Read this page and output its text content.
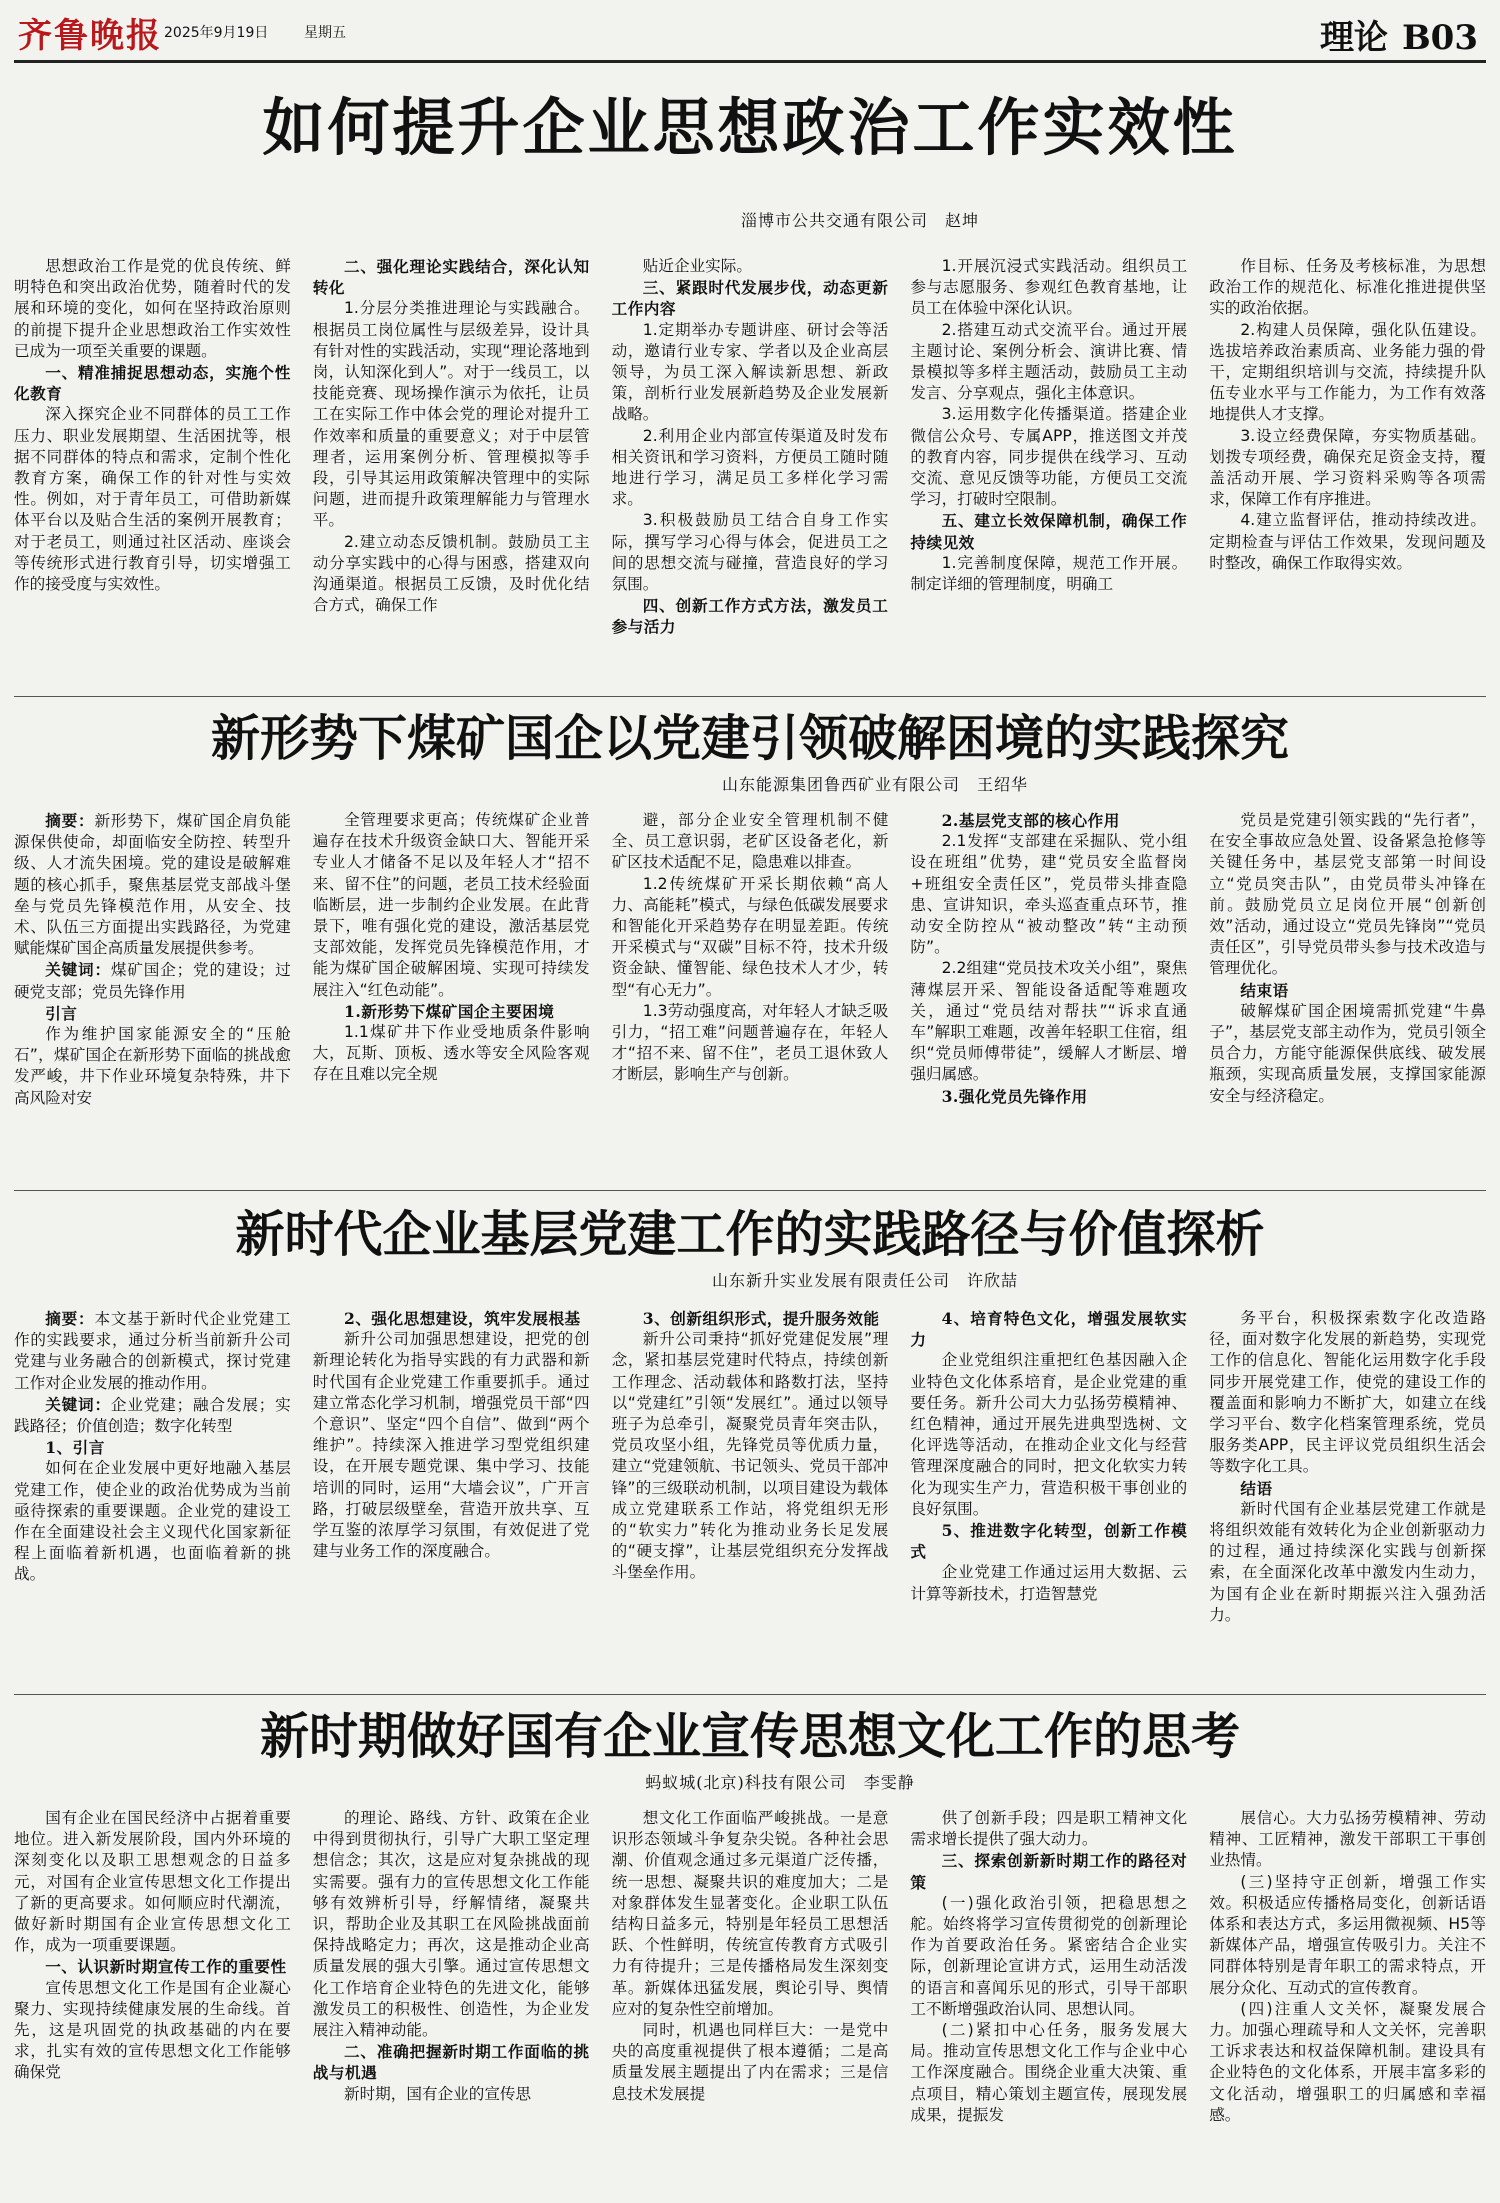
齐鲁晚报 2025年9月19日	星期五	理论 B03
如何提升企业思想政治工作实效性
淄博市公共交通有限公司　赵坤

思想政治工作是党的优良传统、鲜明特色和突出政治优势，随着时代的发展和环境的变化，如何在坚持政治原则的前提下提升企业思想政治工作实效性已成为一项至关重要的课题。

一、精准捕捉思想动态，实施个性化教育

深入探究企业不同群体的员工工作压力、职业发展期望、生活困扰等，根据不同群体的特点和需求，定制个性化教育方案，确保工作的针对性与实效性。例如，对于青年员工，可借助新媒体平台以及贴合生活的案例开展教育；对于老员工，则通过社区活动、座谈会等传统形式进行教育引导，切实增强工作的接受度与实效性。

二、强化理论实践结合，深化认知转化

1.分层分类推进理论与实践融合。根据员工岗位属性与层级差异，设计具有针对性的实践活动，实现“理论落地到岗，认知深化到人”。对于一线员工，以技能竞赛、现场操作演示为依托，让员工在实际工作中体会党的理论对提升工作效率和质量的重要意义；对于中层管理者，运用案例分析、管理模拟等手段，引导其运用政策解决管理中的实际问题，进而提升政策理解能力与管理水平。

2.建立动态反馈机制。鼓励员工主动分享实践中的心得与困惑，搭建双向沟通渠道。根据员工反馈，及时优化结合方式，确保工作

贴近企业实际。

三、紧跟时代发展步伐，动态更新工作内容

1.定期举办专题讲座、研讨会等活动，邀请行业专家、学者以及企业高层领导，为员工深入解读新思想、新政策，剖析行业发展新趋势及企业发展新战略。

2.利用企业内部宣传渠道及时发布相关资讯和学习资料，方便员工随时随地进行学习，满足员工多样化学习需求。

3.积极鼓励员工结合自身工作实际，撰写学习心得与体会，促进员工之间的思想交流与碰撞，营造良好的学习氛围。

四、创新工作方式方法，激发员工参与活力

1.开展沉浸式实践活动。组织员工参与志愿服务、参观红色教育基地，让员工在体验中深化认识。

2.搭建互动式交流平台。通过开展主题讨论、案例分析会、演讲比赛、情景模拟等多样主题活动，鼓励员工主动发言、分享观点，强化主体意识。

3.运用数字化传播渠道。搭建企业微信公众号、专属APP，推送图文并茂的教育内容，同步提供在线学习、互动交流、意见反馈等功能，方便员工交流学习，打破时空限制。

五、建立长效保障机制，确保工作持续见效

1.完善制度保障，规范工作开展。制定详细的管理制度，明确工

作目标、任务及考核标准，为思想政治工作的规范化、标准化推进提供坚实的政治依据。

2.构建人员保障，强化队伍建设。选拔培养政治素质高、业务能力强的骨干，定期组织培训与交流，持续提升队伍专业水平与工作能力，为工作有效落地提供人才支撑。

3.设立经费保障，夯实物质基础。划拨专项经费，确保充足资金支持，覆盖活动开展、学习资料采购等各项需求，保障工作有序推进。

4.建立监督评估，推动持续改进。定期检查与评估工作效果，发现问题及时整改，确保工作取得实效。

新形势下煤矿国企以党建引领破解困境的实践探究
山东能源集团鲁西矿业有限公司　王绍华

摘要：新形势下，煤矿国企肩负能源保供使命，却面临安全防控、转型升级、人才流失困境。党的建设是破解难题的核心抓手，聚焦基层党支部战斗堡垒与党员先锋模范作用，从安全、技术、队伍三方面提出实践路径，为党建赋能煤矿国企高质量发展提供参考。

关键词：煤矿国企；党的建设；过硬党支部；党员先锋作用

引言

作为维护国家能源安全的“压舱石”，煤矿国企在新形势下面临的挑战愈发严峻，井下作业环境复杂特殊，井下高风险对安

全管理要求更高；传统煤矿企业普遍存在技术升级资金缺口大、智能开采专业人才储备不足以及年轻人才“招不来、留不住”的问题，老员工技术经验面临断层，进一步制约企业发展。在此背景下，唯有强化党的建设，激活基层党支部效能，发挥党员先锋模范作用，才能为煤矿国企破解困境、实现可持续发展注入“红色动能”。

1.新形势下煤矿国企主要困境

1.1煤矿井下作业受地质条件影响大，瓦斯、顶板、透水等安全风险客观存在且难以完全规

避，部分企业安全管理机制不健全、员工意识弱，老矿区设备老化，新矿区技术适配不足，隐患难以排查。

1.2传统煤矿开采长期依赖“高人力、高能耗”模式，与绿色低碳发展要求和智能化开采趋势存在明显差距。传统开采模式与“双碳”目标不符，技术升级资金缺、懂智能、绿色技术人才少，转型“有心无力”。

1.3劳动强度高，对年轻人才缺乏吸引力，“招工难”问题普遍存在，年轻人才“招不来、留不住”，老员工退休致人才断层，影响生产与创新。

2.基层党支部的核心作用

2.1发挥“支部建在采掘队、党小组设在班组”优势，建“党员安全监督岗+班组安全责任区”，党员带头排查隐患、宣讲知识，牵头巡查重点环节，推动安全防控从“被动整改”转“主动预防”。

2.2组建“党员技术攻关小组”，聚焦薄煤层开采、智能设备适配等难题攻关，通过“党员结对帮扶”“诉求直通车”解职工难题，改善年轻职工住宿，组织“党员师傅带徒”，缓解人才断层、增强归属感。

3.强化党员先锋作用

党员是党建引领实践的“先行者”，在安全事故应急处置、设备紧急抢修等关键任务中，基层党支部第一时间设立“党员突击队”，由党员带头冲锋在前。鼓励党员立足岗位开展“创新创效”活动，通过设立“党员先锋岗”“党员责任区”，引导党员带头参与技术改造与管理优化。

结束语

破解煤矿国企困境需抓党建“牛鼻子”，基层党支部主动作为，党员引领全员合力，方能守能源保供底线、破发展瓶颈，实现高质量发展，支撑国家能源安全与经济稳定。

新时代企业基层党建工作的实践路径与价值探析
山东新升实业发展有限责任公司　许欣喆

摘要：本文基于新时代企业党建工作的实践要求，通过分析当前新升公司党建与业务融合的创新模式，探讨党建工作对企业发展的推动作用。

关键词：企业党建；融合发展；实践路径；价值创造；数字化转型

1、引言

如何在企业发展中更好地融入基层党建工作，使企业的政治优势成为当前亟待探索的重要课题。企业党的建设工作在全面建设社会主义现代化国家新征程上面临着新机遇，也面临着新的挑战。

2、强化思想建设，筑牢发展根基

新升公司加强思想建设，把党的创新理论转化为指导实践的有力武器和新时代国有企业党建工作重要抓手。通过建立常态化学习机制，增强党员干部“四个意识”、坚定“四个自信”、做到“两个维护”。持续深入推进学习型党组织建设，在开展专题党课、集中学习、技能培训的同时，运用“大墙会议”，广开言路，打破层级壁垒，营造开放共享、互学互鉴的浓厚学习氛围，有效促进了党建与业务工作的深度融合。

3、创新组织形式，提升服务效能

新升公司秉持“抓好党建促发展”理念，紧扣基层党建时代特点，持续创新工作理念、活动载体和路数打法，坚持以“党建红”引领“发展红”。通过以领导班子为总牵引，凝聚党员青年突击队，党员攻坚小组，先锋党员等优质力量，建立“党建领航、书记领头、党员干部冲锋”的三级联动机制，以项目建设为载体成立党建联系工作站，将党组织无形的“软实力”转化为推动业务长足发展的“硬支撑”，让基层党组织充分发挥战斗堡垒作用。

4、培育特色文化，增强发展软实力

企业党组织注重把红色基因融入企业特色文化体系培育，是企业党建的重要任务。新升公司大力弘扬劳模精神、红色精神，通过开展先进典型选树、文化评选等活动，在推动企业文化与经营管理深度融合的同时，把文化软实力转化为现实生产力，营造积极干事创业的良好氛围。

5、推进数字化转型，创新工作模式

企业党建工作通过运用大数据、云计算等新技术，打造智慧党

务平台，积极探索数字化改造路径，面对数字化发展的新趋势，实现党工作的信息化、智能化运用数字化手段同步开展党建工作，使党的建设工作的覆盖面和影响力不断扩大，如建立在线学习平台、数字化档案管理系统，党员服务类APP，民主评议党员组织生活会等数字化工具。

结语

新时代国有企业基层党建工作就是将组织效能有效转化为企业创新驱动力的过程，通过持续深化实践与创新探索，在全面深化改革中激发内生动力，为国有企业在新时期振兴注入强劲活力。

新时期做好国有企业宣传思想文化工作的思考
蚂蚁城(北京)科技有限公司　李雯静

国有企业在国民经济中占据着重要地位。进入新发展阶段，国内外环境的深刻变化以及职工思想观念的日益多元，对国有企业宣传思想文化工作提出了新的更高要求。如何顺应时代潮流，做好新时期国有企业宣传思想文化工作，成为一项重要课题。

一、认识新时期宣传工作的重要性

宣传思想文化工作是国有企业凝心聚力、实现持续健康发展的生命线。首先，这是巩固党的执政基础的内在要求，扎实有效的宣传思想文化工作能够确保党

的理论、路线、方针、政策在企业中得到贯彻执行，引导广大职工坚定理想信念；其次，这是应对复杂挑战的现实需要。强有力的宣传思想文化工作能够有效辨析引导，纾解情绪，凝聚共识，帮助企业及其职工在风险挑战面前保持战略定力；再次，这是推动企业高质量发展的强大引擎。通过宣传思想文化工作培育企业特色的先进文化，能够激发员工的积极性、创造性，为企业发展注入精神动能。

二、准确把握新时期工作面临的挑战与机遇

新时期，国有企业的宣传思

想文化工作面临严峻挑战。一是意识形态领域斗争复杂尖锐。各种社会思潮、价值观念通过多元渠道广泛传播，统一思想、凝聚共识的难度加大；二是对象群体发生显著变化。企业职工队伍结构日益多元，特别是年轻员工思想活跃、个性鲜明，传统宣传教育方式吸引力有待提升；三是传播格局发生深刻变革。新媒体迅猛发展，舆论引导、舆情应对的复杂性空前增加。

同时，机遇也同样巨大：一是党中央的高度重视提供了根本遵循；二是高质量发展主题提出了内在需求；三是信息技术发展提

供了创新手段；四是职工精神文化需求增长提供了强大动力。

三、探索创新新时期工作的路径对策

(一)强化政治引领，把稳思想之舵。始终将学习宣传贯彻党的创新理论作为首要政治任务。紧密结合企业实际，创新理论宣讲方式，运用生动活泼的语言和喜闻乐见的形式，引导干部职工不断增强政治认同、思想认同。

(二)紧扣中心任务，服务发展大局。推动宣传思想文化工作与企业中心工作深度融合。围绕企业重大决策、重点项目，精心策划主题宣传，展现发展成果，提振发

展信心。大力弘扬劳模精神、劳动精神、工匠精神，激发干部职工干事创业热情。

(三)坚持守正创新，增强工作实效。积极适应传播格局变化，创新话语体系和表达方式，多运用微视频、H5等新媒体产品，增强宣传吸引力。关注不同群体特别是青年职工的需求特点，开展分众化、互动式的宣传教育。

(四)注重人文关怀，凝聚发展合力。加强心理疏导和人文关怀，完善职工诉求表达和权益保障机制。建设具有企业特色的文化体系，开展丰富多彩的文化活动，增强职工的归属感和幸福感。
